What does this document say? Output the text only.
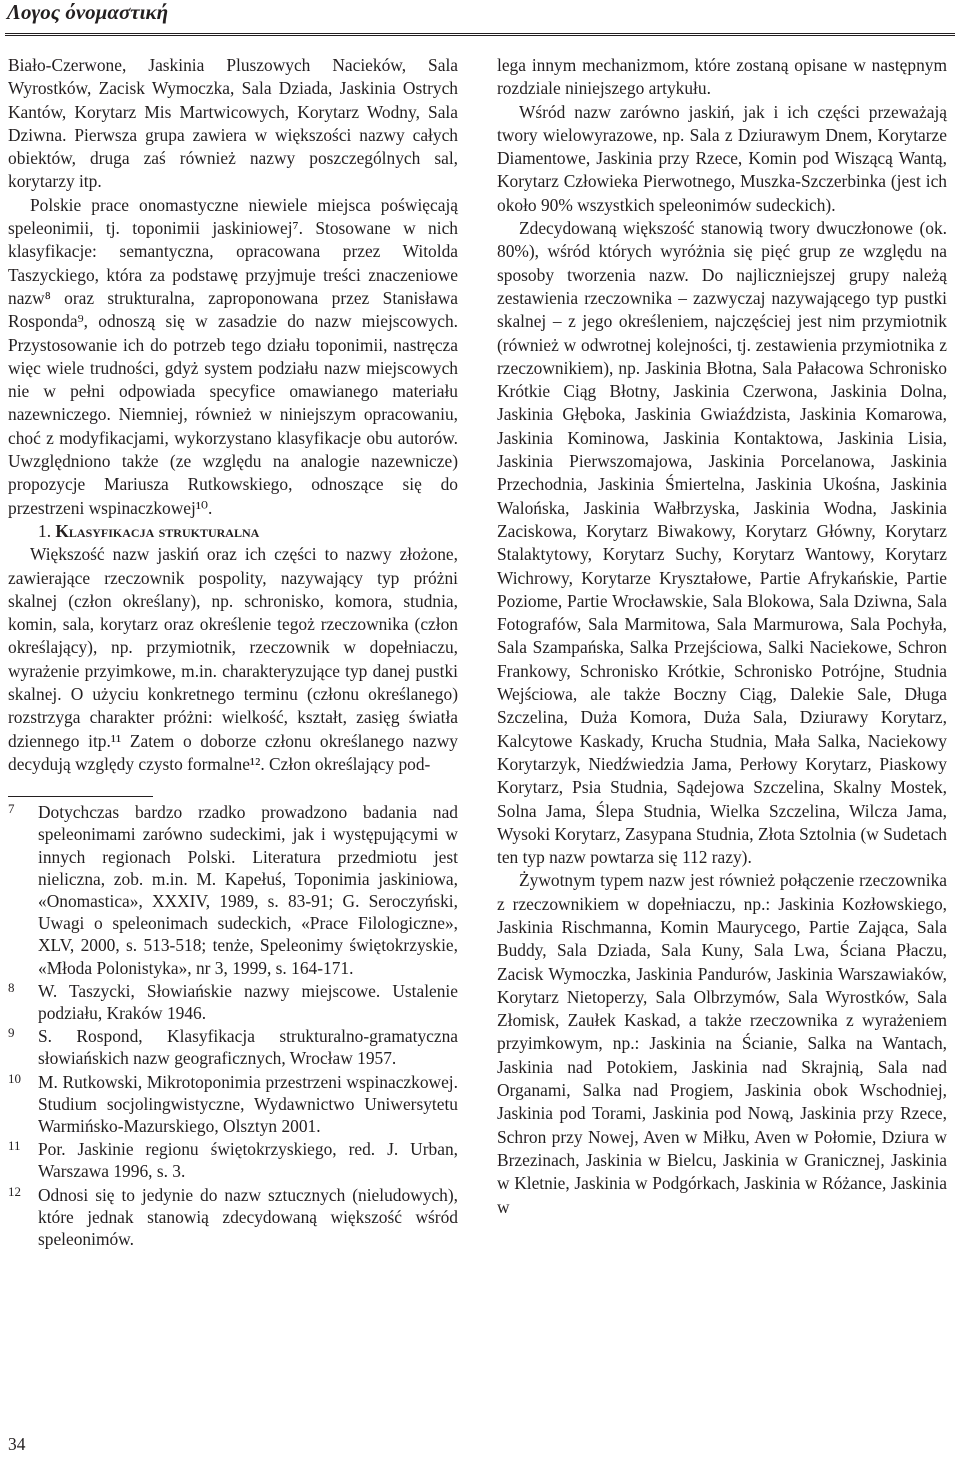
Λογος όνομαστική

Biało-Czerwone, Jaskinia Pluszowych Nacieków, Sala Wyrostków, Zacisk Wymoczka, Sala Dziada, Jaskinia Ostrych Kantów, Korytarz Mis Martwicowych, Korytarz Wodny, Sala Dziwna. Pierwsza grupa zawiera w większości nazwy całych obiektów, druga zaś również nazwy poszczególnych sal, korytarzy itp.

Polskie prace onomastyczne niewiele miejsca poświęcają speleonimii, tj. toponimii jaskiniowej⁷. Stosowane w nich klasyfikacje: semantyczna, opracowana przez Witolda Taszyckiego, która za podstawę przyjmuje treści znaczeniowe nazw⁸ oraz strukturalna, zaproponowana przez Stanisława Rospondа⁹, odnoszą się w zasadzie do nazw miejscowych. Przystosowanie ich do potrzeb tego działu toponimii, nastręcza więc wiele trudności, gdyż system podziału nazw miejscowych nie w pełni odpowiada specyfice omawianego materiału nazewniczego. Niemniej, również w niniejszym opracowaniu, choć z modyfikacjami, wykorzystano klasyfikacje obu autorów. Uwzględniono także (ze względu na analogie nazewnicze) propozycje Mariusza Rutkowskiego, odnoszące się do przestrzeni wspinaczkowej¹⁰.

1. Klasyfikacja strukturalna

Większość nazw jaskiń oraz ich części to nazwy złożone, zawierające rzeczownik pospolity, nazywający typ próżni skalnej (człon określany), np. schronisko, komora, studnia, komin, sala, korytarz oraz określenie tegoż rzeczownika (człon określający), np. przymiotnik, rzeczownik w dopełniaczu, wyrażenie przyimkowe, m.in. charakteryzujące typ danej pustki skalnej. O użyciu konkretnego terminu (członu określanego) rozstrzyga charakter próżni: wielkość, kształt, zasięg światła dziennego itp.¹¹ Zatem o doborze członu określanego nazwy decydują względy czysto formalne¹². Człon określający pod-

7 Dotychczas bardzo rzadko prowadzono badania nad speleonimami zarówno sudeckimi, jak i występującymi w innych regionach Polski. Literatura przedmiotu jest nieliczna, zob. m.in. M. Kapełuś, Toponimia jaskiniowa, «Onomastica», XXXIV, 1989, s. 83-91; G. Seroczyński, Uwagi o speleonimach sudeckich, «Prace Filologiczne», XLV, 2000, s. 513-518; tenże, Speleonimy świętokrzyskie, «Młoda Polonistyka», nr 3, 1999, s. 164-171.
8 W. Taszycki, Słowiańskie nazwy miejscowe. Ustalenie podziału, Kraków 1946.
9 S. Rospond, Klasyfikacja strukturalno-gramatyczna słowiańskich nazw geograficznych, Wrocław 1957.
10 M. Rutkowski, Mikrotoponimia przestrzeni wspinaczkowej. Studium socjolingwistyczne, Wydawnictwo Uniwersytetu Warmińsko-Mazurskiego, Olsztyn 2001.
11 Por. Jaskinie regionu świętokrzyskiego, red. J. Urban, Warszawa 1996, s. 3.
12 Odnosi się to jedynie do nazw sztucznych (nieludowych), które jednak stanowią zdecydowaną większość wśród speleonimów.

lega innym mechanizmom, które zostaną opisane w następnym rozdziale niniejszego artykułu.

Wśród nazw zarówno jaskiń, jak i ich części przeważają twory wielowyrazowe, np. Sala z Dziurawym Dnem, Korytarze Diamentowe, Jaskinia przy Rzece, Komin pod Wiszącą Wantą, Korytarz Człowieka Pierwotnego, Muszka-Szczerbinka (jest ich około 90% wszystkich speleonimów sudeckich).

Zdecydowaną większość stanowią twory dwuczłonowe (ok. 80%), wśród których wyróżnia się pięć grup ze względu na sposoby tworzenia nazw. Do najliczniejszej grupy należą zestawienia rzeczownika – zazwyczaj nazywającego typ pustki skalnej – z jego określeniem, najczęściej jest nim przymiotnik (również w odwrotnej kolejności, tj. zestawienia przymiotnika z rzeczownikiem), np. Jaskinia Błotna, Sala Pałacowa Schronisko Krótkie Ciąg Błotny, Jaskinia Czerwona, Jaskinia Dolna, Jaskinia Głęboka, Jaskinia Gwiaździsta, Jaskinia Komarowa, Jaskinia Kominowa, Jaskinia Kontaktowa, Jaskinia Lisia, Jaskinia Pierwszomajowa, Jaskinia Porcelanowa, Jaskinia Przechodnia, Jaskinia Śmiertelna, Jaskinia Ukośna, Jaskinia Walońska, Jaskinia Wałbrzyska, Jaskinia Wodna, Jaskinia Zaciskowa, Korytarz Biwakowy, Korytarz Główny, Korytarz Stalaktytowy, Korytarz Suchy, Korytarz Wantowy, Korytarz Wichrowy, Korytarze Kryształowe, Partie Afrykańskie, Partie Poziome, Partie Wrocławskie, Sala Blokowa, Sala Dziwna, Sala Fotografów, Sala Marmitowa, Sala Marmurowa, Sala Pochyła, Sala Szampańska, Salka Przejściowa, Salki Naciekowe, Schron Frankowy, Schronisko Krótkie, Schronisko Potrójne, Studnia Wejściowa, ale także Boczny Ciąg, Dalekie Sale, Długa Szczelina, Duża Komora, Duża Sala, Dziurawy Korytarz, Kalcytowe Kaskady, Krucha Studnia, Mała Salka, Naciekowy Korytarzyk, Niedźwiedzia Jama, Perłowy Korytarz, Piaskowy Korytarz, Psia Studnia, Sądejowa Szczelina, Skalny Mostek, Solna Jama, Ślepa Studnia, Wielka Szczelina, Wilcza Jama, Wysoki Korytarz, Zasypana Studnia, Złota Sztolnia (w Sudetach ten typ nazw powtarza się 112 razy).

Żywotnym typem nazw jest również połączenie rzeczownika z rzeczownikiem w dopełniaczu, np.: Jaskinia Kozłowskiego, Jaskinia Rischmanna, Komin Maurycego, Partie Zająca, Sala Buddy, Sala Dziada, Sala Kuny, Sala Lwa, Ściana Płaczu, Zacisk Wymoczka, Jaskinia Pandurów, Jaskinia Warszawiaków, Korytarz Nietoperzy, Sala Olbrzymów, Sala Wyrostków, Sala Złomisk, Zaułek Kaskad, a także rzeczownika z wyrażeniem przyimkowym, np.: Jaskinia na Ścianie, Salka na Wantach, Jaskinia nad Potokiem, Jaskinia nad Skrajnią, Sala nad Organami, Salka nad Progiem, Jaskinia obok Wschodniej, Jaskinia pod Torami, Jaskinia pod Nową, Jaskinia przy Rzece, Schron przy Nowej, Aven w Miłku, Aven w Połomie, Dziura w Brzezinach, Jaskinia w Bielcu, Jaskinia w Granicznej, Jaskinia w Kletnie, Jaskinia w Podgórkach, Jaskinia w Różance, Jaskinia w

34
